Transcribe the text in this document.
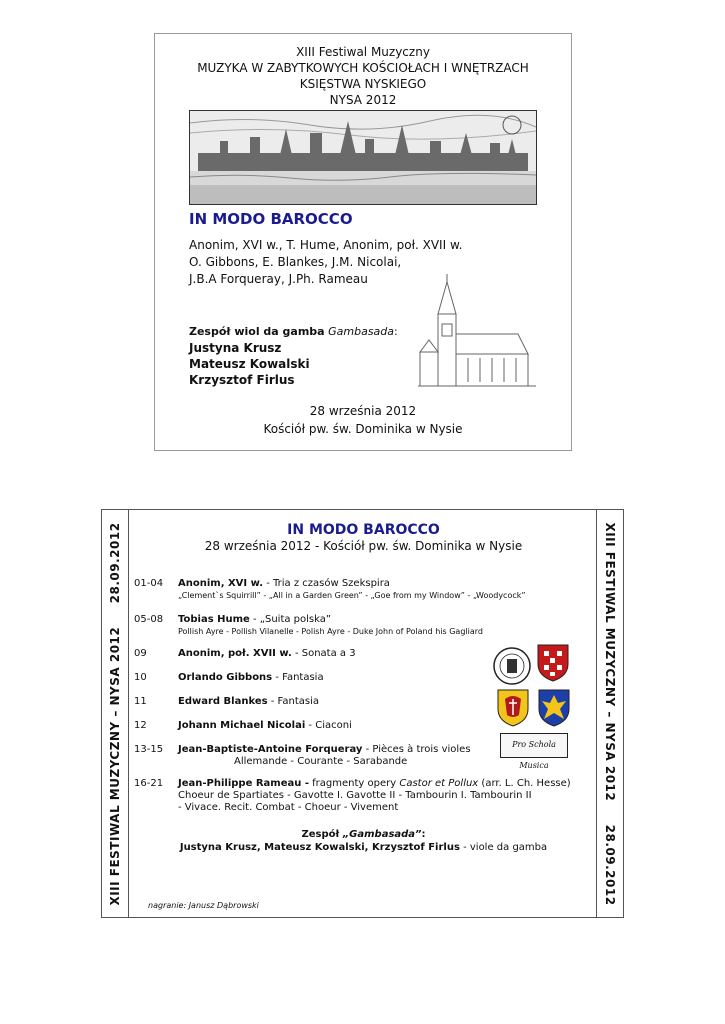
XIII Festiwal Muzyczny
MUZYKA W ZABYTKOWYCH KOŚCIOŁACH I WNĘTRZACH
KSIĘSTWA NYSKIEGO
NYSA 2012
IN MODO BAROCCO
Anonim, XVI w., T. Hume, Anonim, poł. XVII w.
O. Gibbons, E. Blankes, J.M. Nicolai,
J.B.A Forqueray, J.Ph. Rameau
Zespół wiol da gamba Gambasada:
Justyna Krusz
Mateusz Kowalski
Krzysztof Firlus
28 września 2012
Kościół pw. św. Dominika w Nysie
XIII FESTIWAL MUZYCZNY – NYSA 2012     28.09.2012	XIII FESTIWAL MUZYCZNY – NYSA 2012     28.09.2012
IN MODO BAROCCO
28 września 2012 - Kościół pw. św. Dominika w Nysie
01-04	Anonim, XVI w. - Tria z czasów Szekspira
„Clement`s Squirrill” - „All in a Garden Green” - „Goe from my Window” - „Woodycock”
05-08	Tobias Hume - „Suita polska”
Pollish Ayre - Pollish Vilanelle - Polish Ayre - Duke John of Poland his Gagliard
09	Anonim, poł. XVII w. - Sonata a 3
10	Orlando Gibbons - Fantasia
11	Edward Blankes - Fantasia
12	Johann Michael Nicolai - Ciaconi
13-15	Jean-Baptiste-Antoine Forqueray - Pièces à trois violes
Allemande - Courante - Sarabande
16-21	Jean-Philippe Rameau - fragmenty opery Castor et Pollux (arr. L. Ch. Hesse)
Choeur de Spartiates - Gavotte I. Gavotte II - Tambourin I. Tambourin II
- Vivace. Recit. Combat - Choeur - Vivement
Pro Schola Musica
Zespół „Gambasada”:
Justyna Krusz, Mateusz Kowalski, Krzysztof Firlus - viole da gamba
nagranie: Janusz Dąbrowski
